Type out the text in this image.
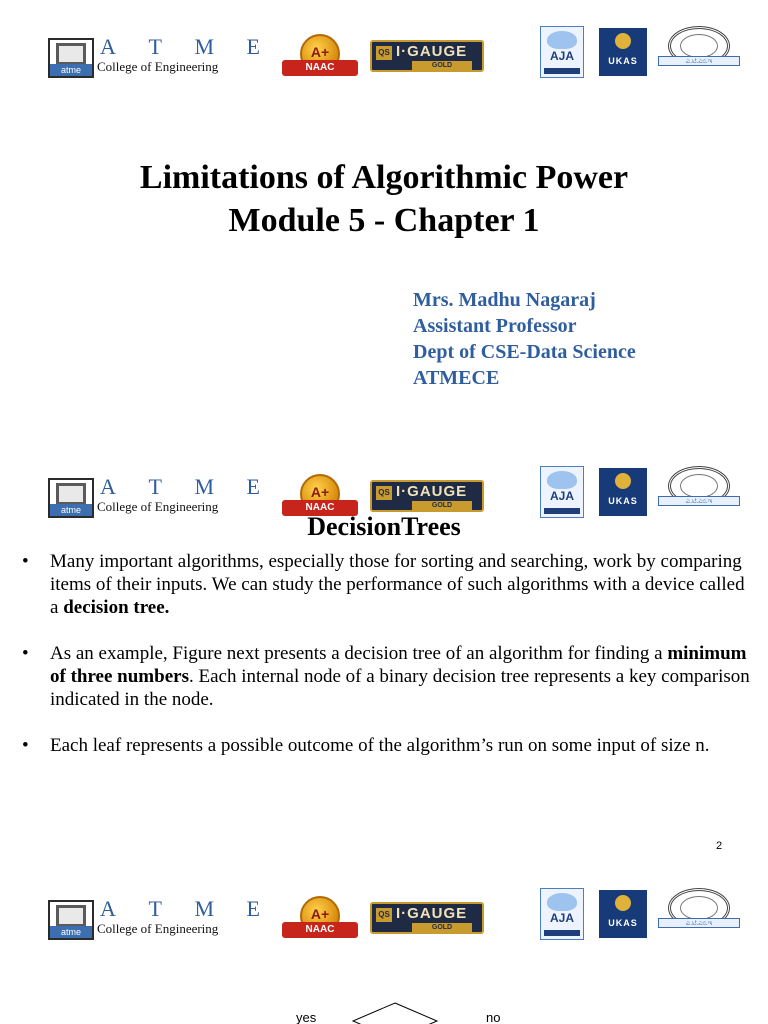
atme
A T M E
College of Engineering
A+
NAAC
QS I·GAUGE
GOLD
AJA	UKAS	ಎ.ಟಿ.ಎಂ.ಇ
Limitations of Algorithmic Power
Module 5 - Chapter 1
Mrs. Madhu Nagaraj
Assistant Professor
Dept of CSE-Data Science
ATMECE
atme
A T M E
College of Engineering
A+
NAAC
QS I·GAUGE
GOLD
AJA	UKAS	ಎ.ಟಿ.ಎಂ.ಇ
DecisionTrees
• Many important algorithms, especially those for sorting and searching, work by comparing items of their inputs. We can study the performance of such algorithms with a device called a decision tree.
• As an example, Figure next presents a decision tree of an algorithm for finding a minimum of three numbers. Each internal node of a binary decision tree represents a key comparison indicated in the node.
• Each leaf represents a possible outcome of the algorithm’s run on some input of size n.
2
atme
A T M E
College of Engineering
A+
NAAC
QS I·GAUGE
GOLD
AJA	UKAS	ಎ.ಟಿ.ಎಂ.ಇ
yes	no
